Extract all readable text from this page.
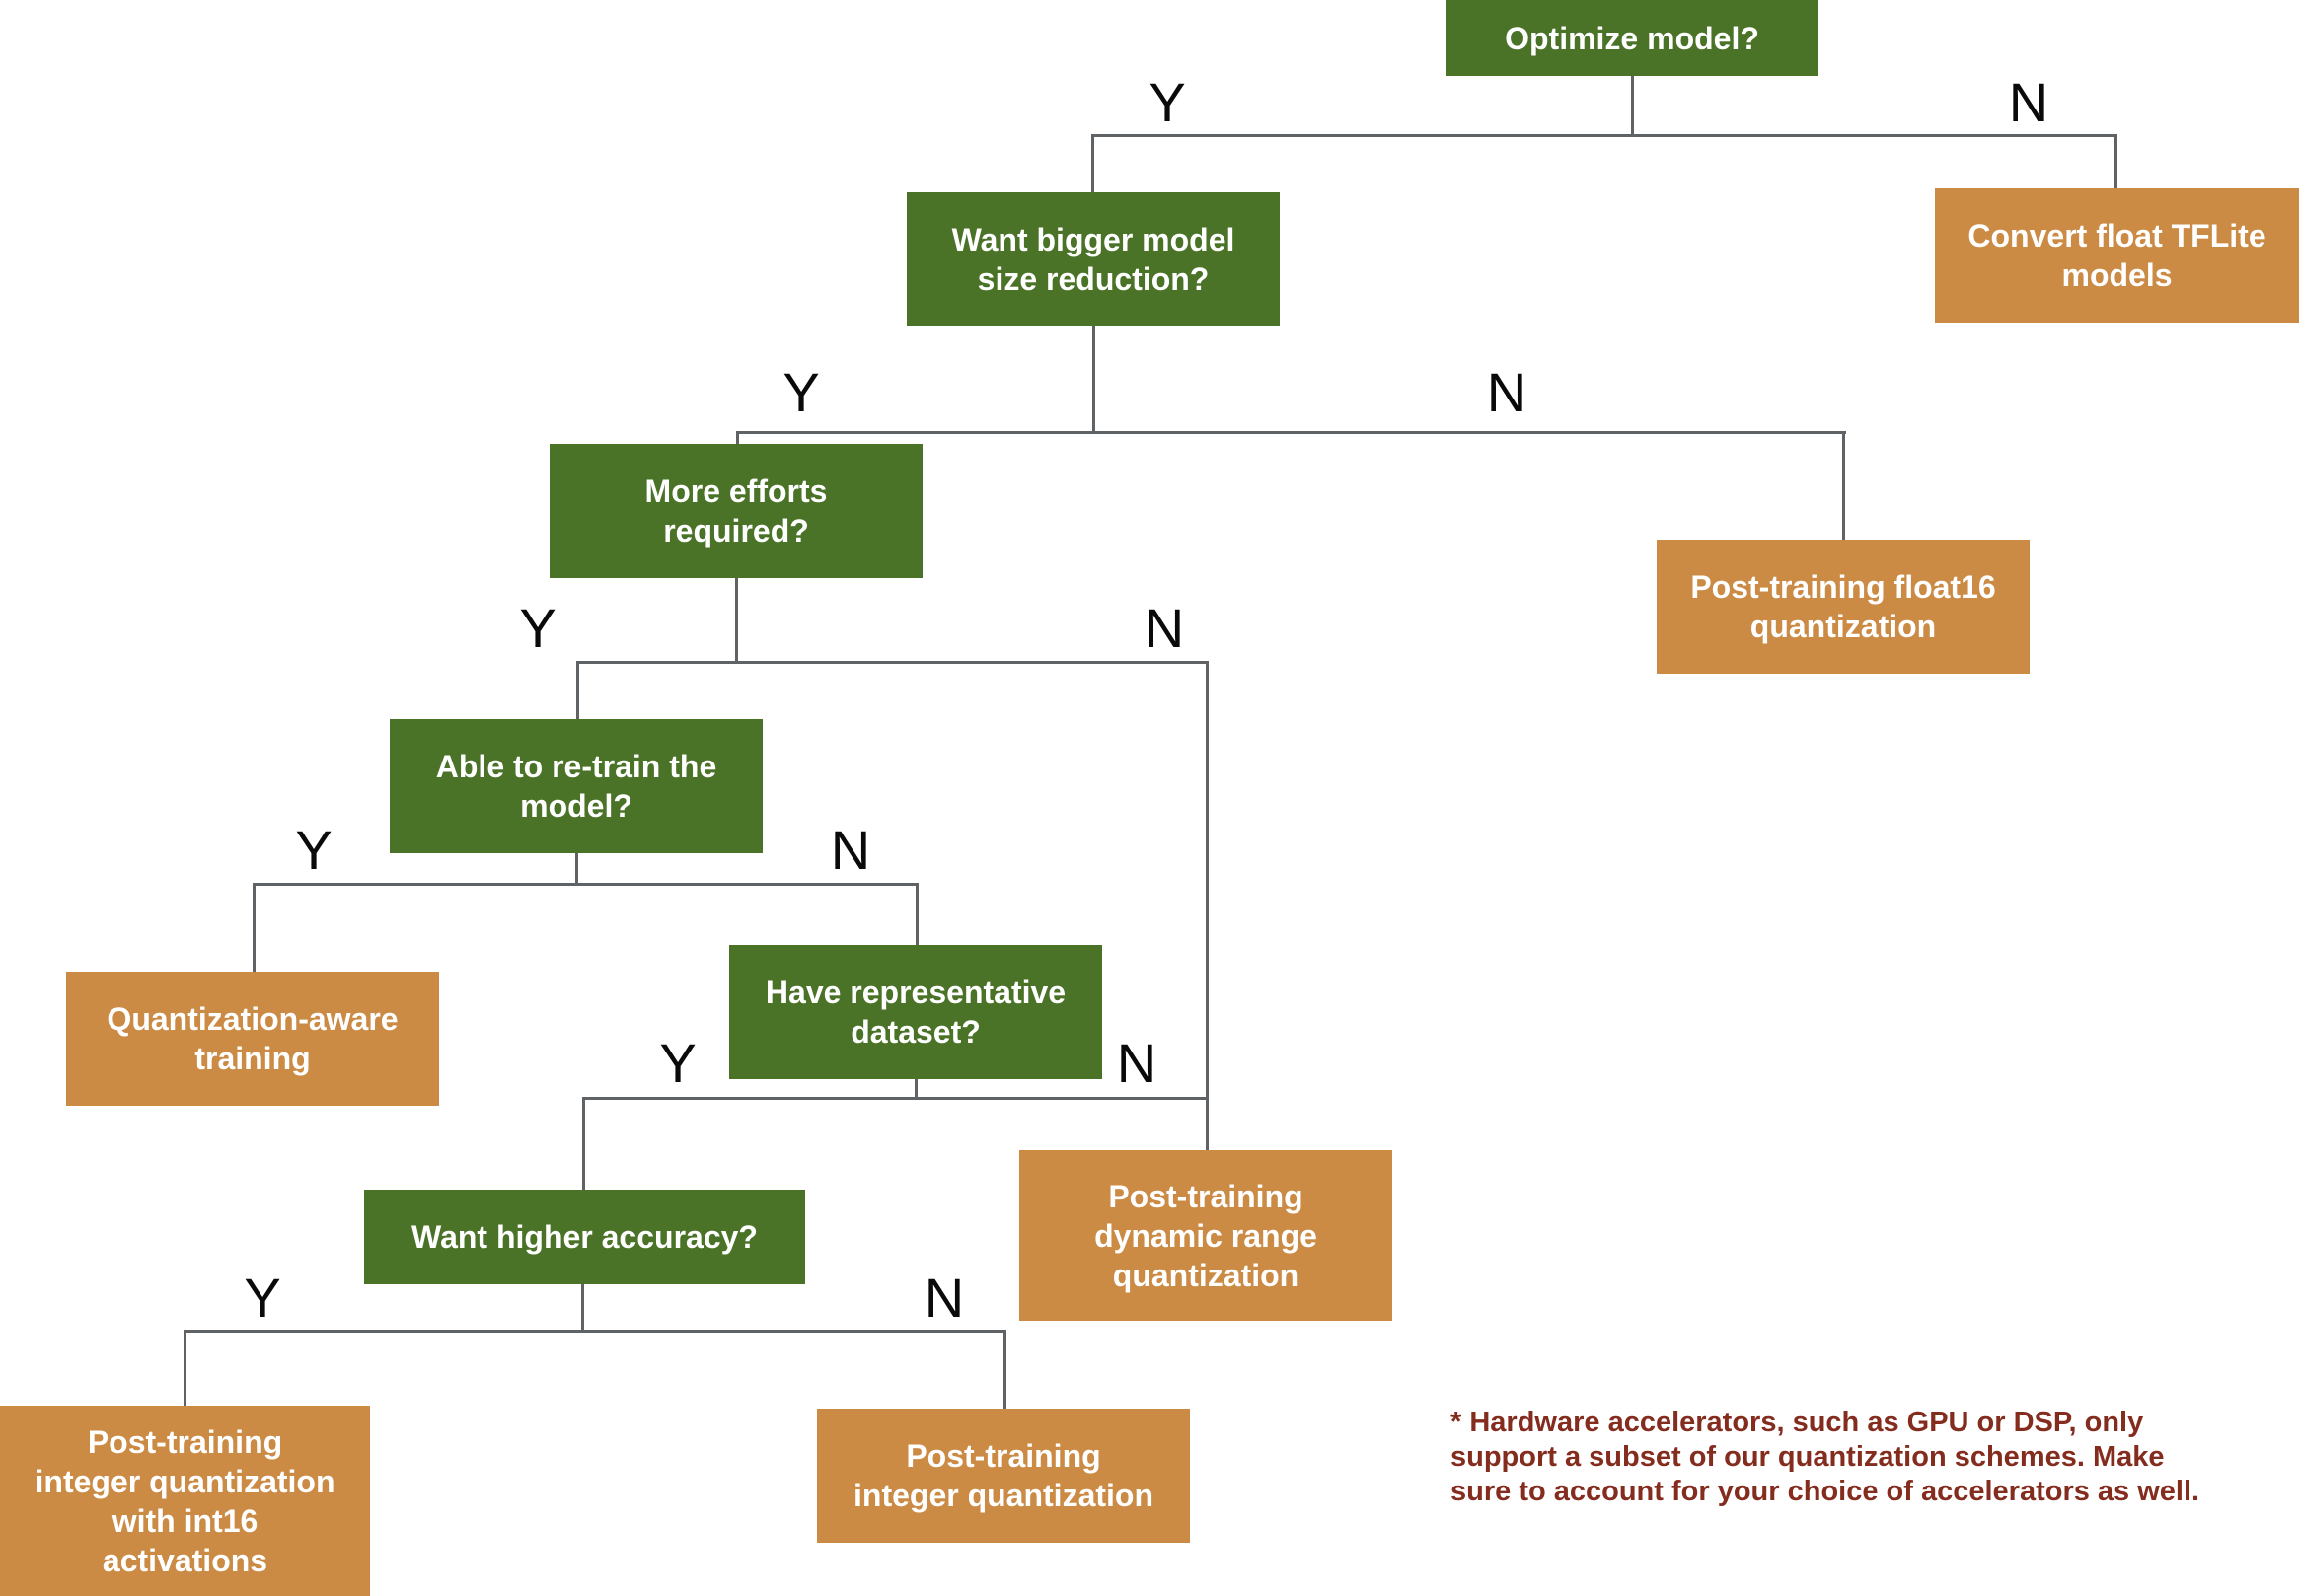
Optimize model?
Want bigger model
size reduction?
Convert float TFLite
models
More efforts
required?
Post-training float16
quantization
Able to re-train the
model?
Quantization-aware
training
Have representative
dataset?
Post-training
dynamic range
quantization
Want higher accuracy?
Post-training
integer quantization
with int16
activations
Post-training
integer quantization
Y	N
Y	N
Y	N
Y	N
Y	N
Y	N
* Hardware accelerators, such as GPU or DSP, only
support a subset of our quantization schemes. Make
sure to account for your choice of accelerators as well.
